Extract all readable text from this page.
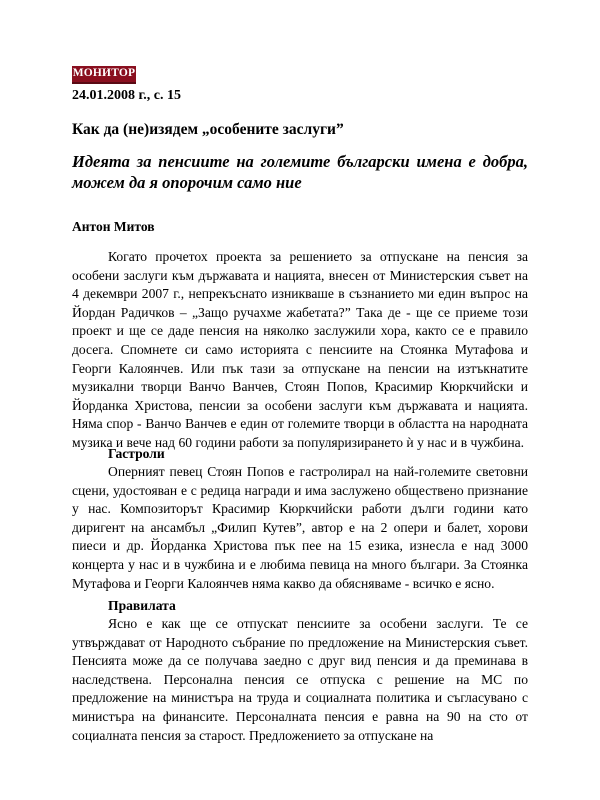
МОНИТОР
24.01.2008 г., с. 15
Как да (не)изядем „особените заслуги”
Идеята за пенсиите на големите български имена е добра, можем да я опорочим само ние
Антон Митов

Когато прочетох проекта за решението за отпускане на пенсия за особени заслуги към държавата и нацията, внесен от Министерския съвет на 4 декември 2007 г., непрекъснато изникваше в съзнанието ми един въпрос на Йордан Радичков – „Защо ручахме жабетата?” Така де - ще се приеме този проект и ще се даде пенсия на няколко заслужили хора, както се е правило досега. Спомнете си само историята с пенсиите на Стоянка Мутафова и Георги Калоянчев. Или пък тази за отпускане на пенсии на изтъкнатите музикални творци Ванчо Ванчев, Стоян Попов, Красимир Кюркчийски и Йорданка Христова, пенсии за особени заслуги към държавата и нацията. Няма спор - Ванчо Ванчев е един от големите творци в областта на народната музика и вече над 60 години работи за популяризирането ѝ у нас и в чужбина.

Гастроли

Оперният певец Стоян Попов е гастролирал на най-големите световни сцени, удостояван е с редица награди и има заслужено обществено признание у нас. Композиторът Красимир Кюркчийски работи дълги години като диригент на ансамбъл „Филип Кутев”, автор е на 2 опери и балет, хорови пиеси и др. Йорданка Христова пък пее на 15 езика, изнесла е над 3000 концерта у нас и в чужбина и е любима певица на много българи. За Стоянка Мутафова и Георги Калоянчев няма какво да обясняваме - всичко е ясно.

Правилата

Ясно е как ще се отпускат пенсиите за особени заслуги. Те се утвърждават от Народното събрание по предложение на Министерския съвет. Пенсията може да се получава заедно с друг вид пенсия и да преминава в наследствена. Персонална пенсия се отпуска с решение на МС по предложение на министъра на труда и социалната политика и съгласувано с министъра на финансите. Персоналната пенсия е равна на 90 на сто от социалната пенсия за старост. Предложението за отпускане на
